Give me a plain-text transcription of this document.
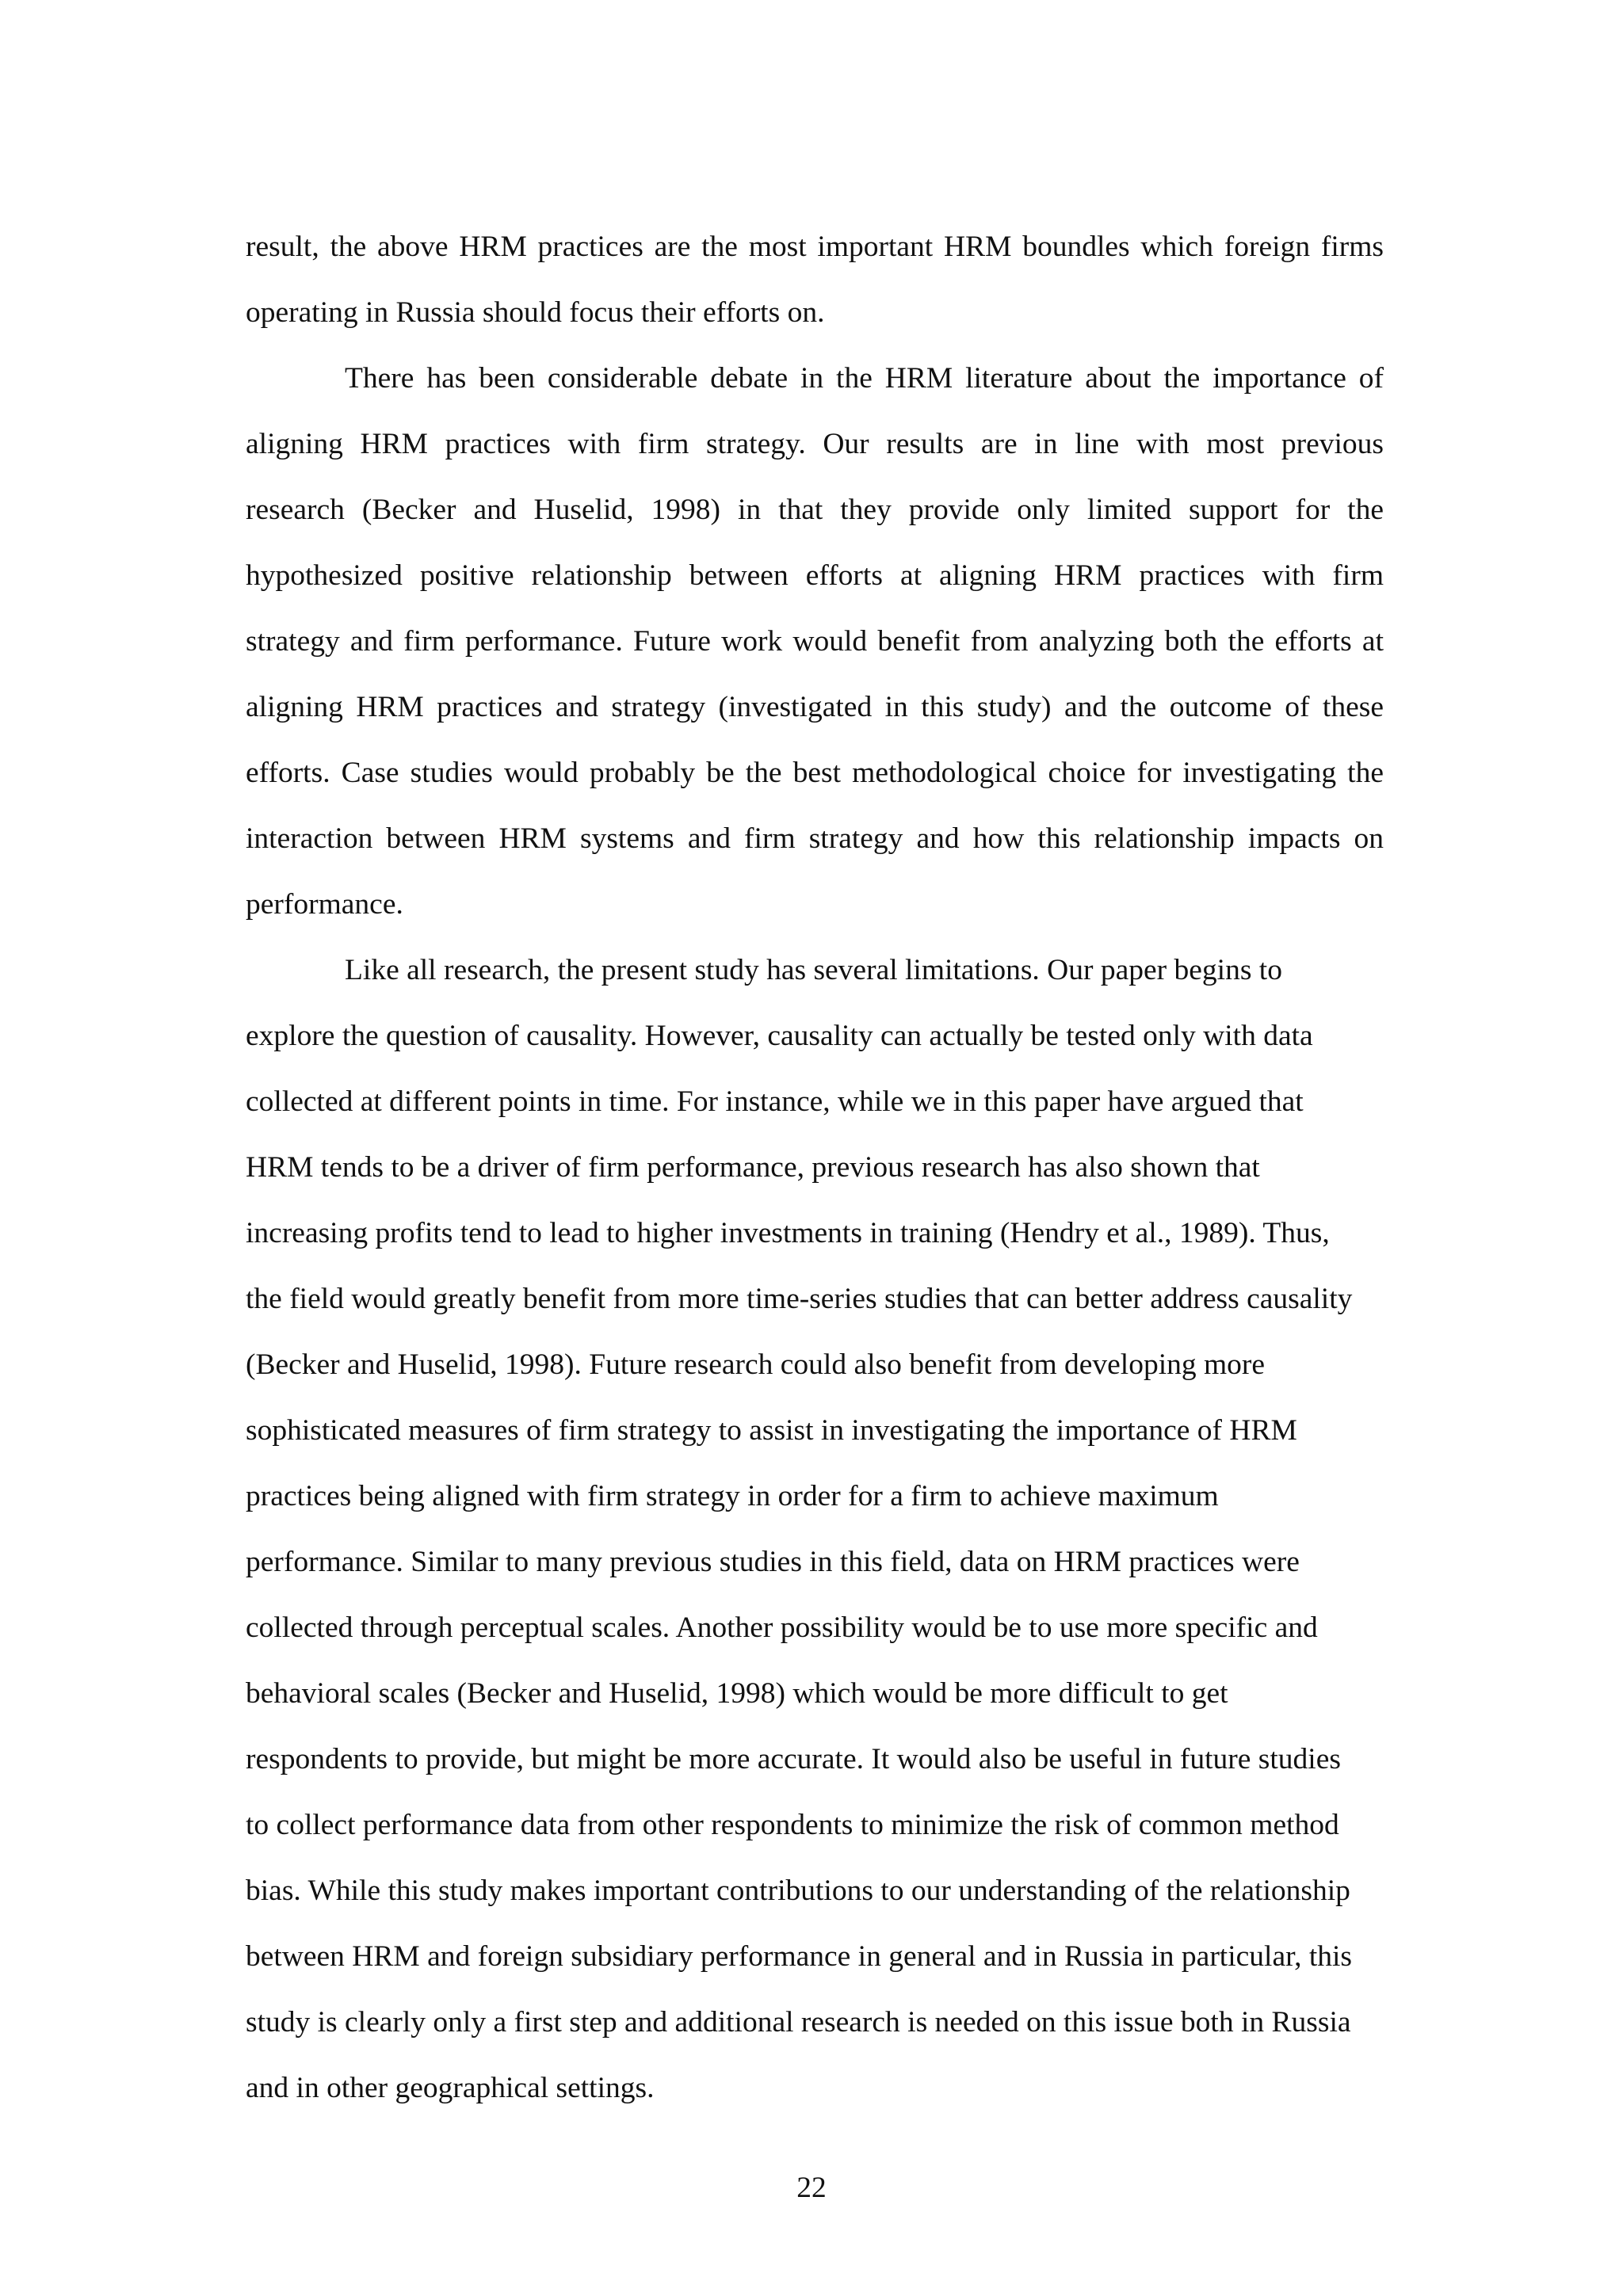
result, the above HRM practices are the most important HRM boundles which foreign firms
operating in Russia should focus their efforts on.
There has been considerable debate in the HRM literature about the importance of
aligning HRM practices with firm strategy. Our results are in line with most previous
research (Becker and Huselid, 1998) in that they provide only limited support for the
hypothesized positive relationship between efforts at aligning HRM practices with firm
strategy and firm performance. Future work would benefit from analyzing both the efforts at
aligning HRM practices and strategy (investigated in this study) and the outcome of these
efforts. Case studies would probably be the best methodological choice for investigating the
interaction between HRM systems and firm strategy and how this relationship impacts on
performance.
Like all research, the present study has several limitations. Our paper begins to
explore the question of causality. However, causality can actually be tested only with data
collected at different points in time. For instance, while we in this paper have argued that
HRM tends to be a driver of firm performance, previous research has also shown that
increasing profits tend to lead to higher investments in training (Hendry et al., 1989). Thus,
the field would greatly benefit from more time-series studies that can better address causality
(Becker and Huselid, 1998). Future research could also benefit from developing more
sophisticated measures of firm strategy to assist in investigating the importance of HRM
practices being aligned with firm strategy in order for a firm to achieve maximum
performance. Similar to many previous studies in this field, data on HRM practices were
collected through perceptual scales. Another possibility would be to use more specific and
behavioral scales (Becker and Huselid, 1998) which would be more difficult to get
respondents to provide, but might be more accurate. It would also be useful in future studies
to collect performance data from other respondents to minimize the risk of common method
bias. While this study makes important contributions to our understanding of the relationship
between HRM and foreign subsidiary performance in general and in Russia in particular, this
study is clearly only a first step and additional research is needed on this issue both in Russia
and in other geographical settings.
22
